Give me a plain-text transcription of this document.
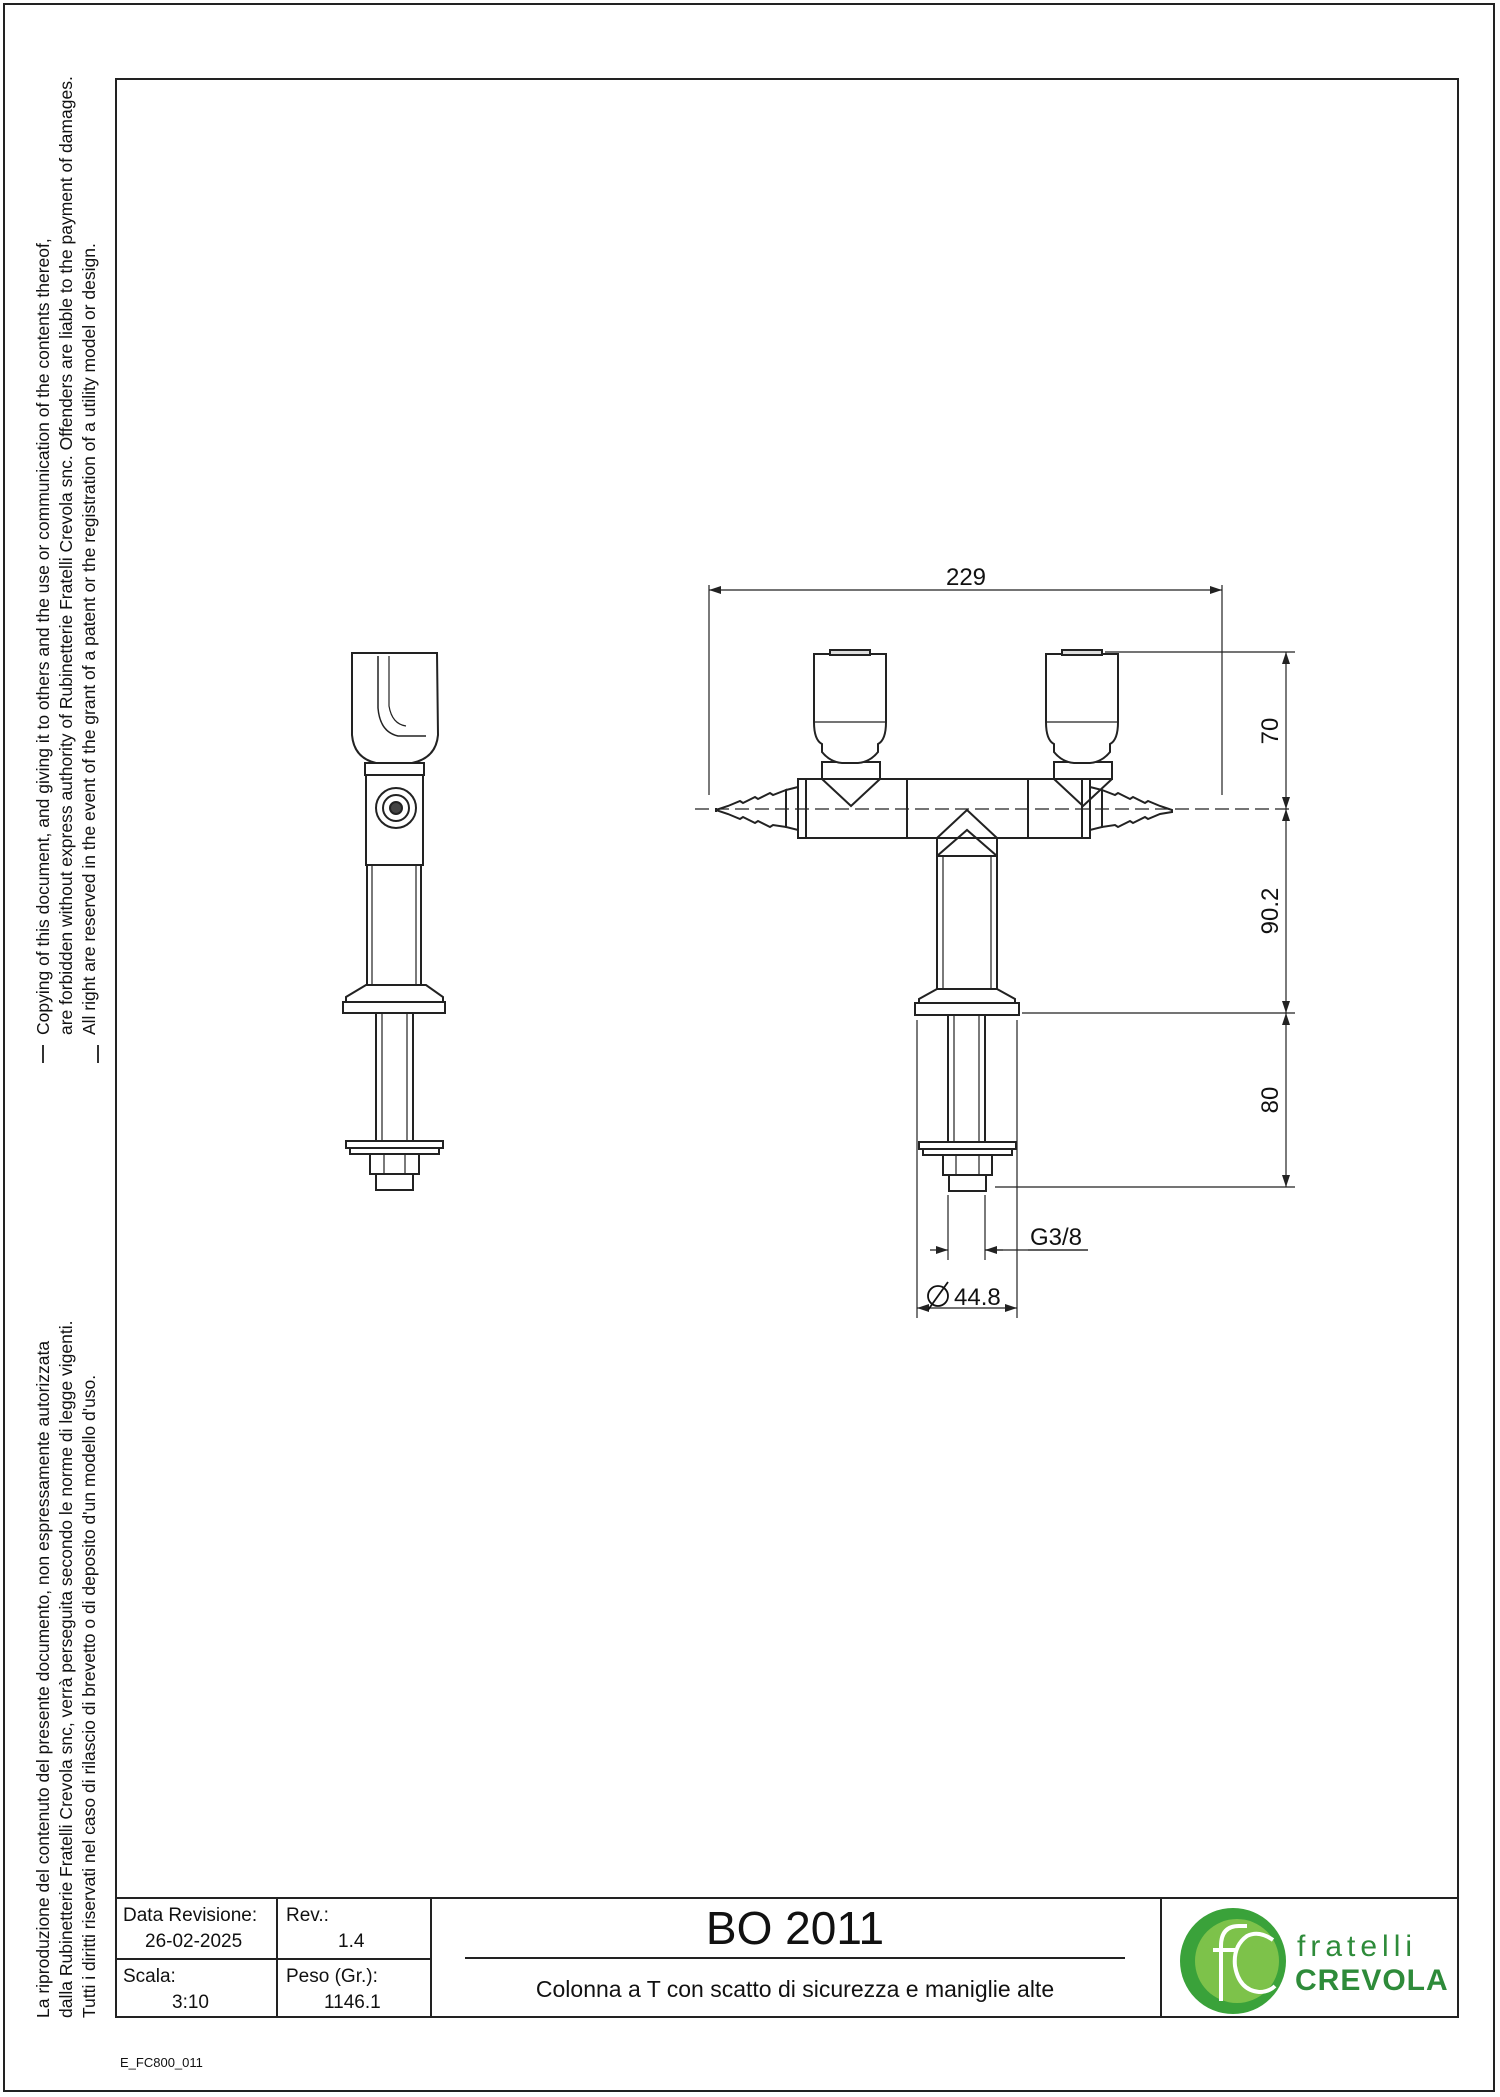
Copying of this document, and giving it to others and the use or communication of the contents thereof, are forbidden without express authority of Rubinetterie Fratelli Crevola snc. Offenders are liable to the payment of damages. All right are reserved in the event of the grant of a patent or the registration of a utility model or design.
La riproduzione del contenuto del presente documento, non espressamente autorizzata dalla Rubinetterie Fratelli Crevola snc, verrà perseguita secondo le norme di legge vigenti. Tutti i diritti riservati nel caso di rilascio di brevetto o di deposito d'un modello d'uso.
229
70
90.2
80
G3/8
44.8
Data Revisione:
26-02-2025
Rev.:
1.4
Scala:
3:10
Peso (Gr.):
1146.1
BO 2011
Colonna a T con scatto di sicurezza e maniglie alte
fratelli
CREVOLA
E_FC800_011
